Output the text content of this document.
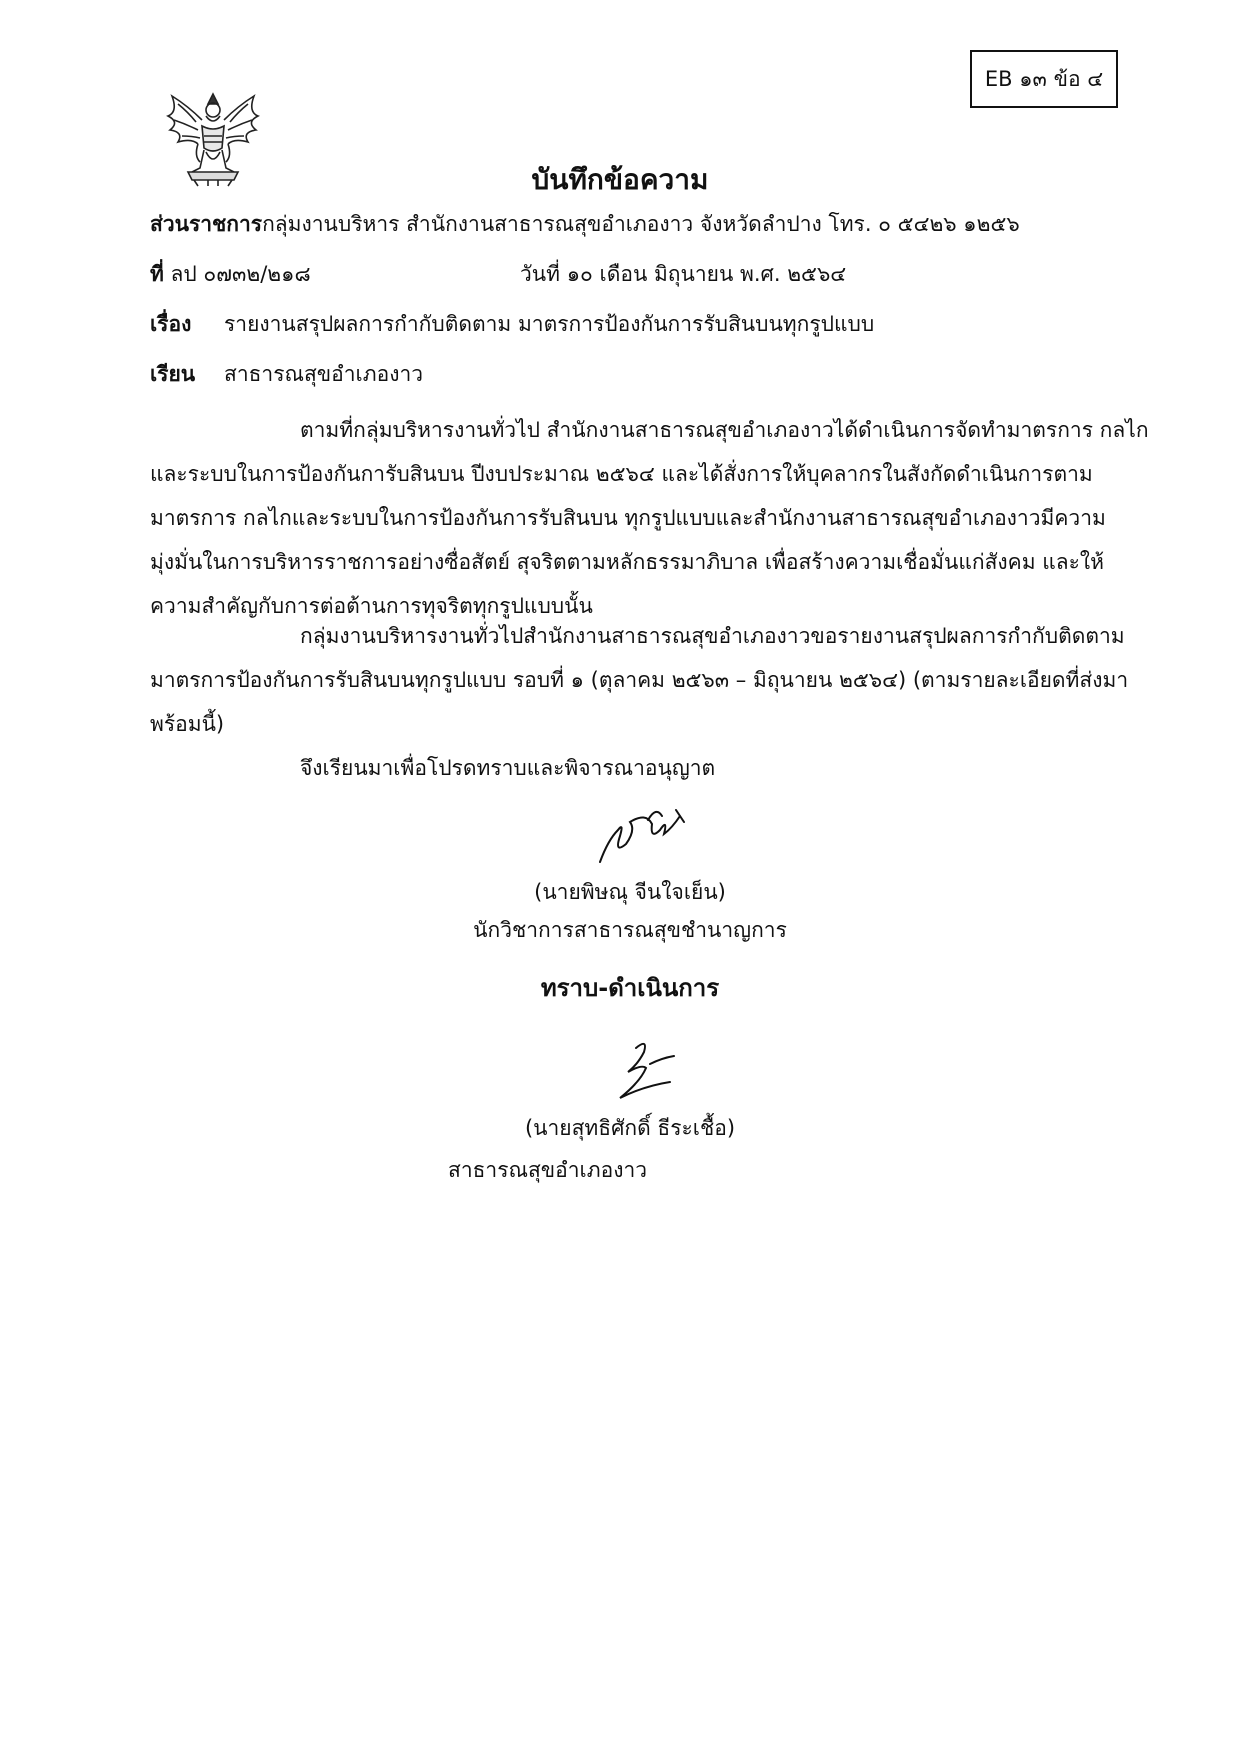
EB ๑๓ ข้อ ๔
บันทึกข้อความ
ส่วนราชการกลุ่มงานบริหาร สำนักงานสาธารณสุขอำเภองาว จังหวัดลำปาง โทร. ๐ ๕๔๒๖ ๑๒๕๖
ที่ ลป ๐๗๓๒/๒๑๘	วันที่ ๑๐ เดือน มิถุนายน พ.ศ. ๒๕๖๔
เรื่อง รายงานสรุปผลการกำกับติดตาม มาตรการป้องกันการรับสินบนทุกรูปแบบ
เรียน สาธารณสุขอำเภองาว
ตามที่กลุ่มบริหารงานทั่วไป สำนักงานสาธารณสุขอำเภองาวได้ดำเนินการจัดทำมาตรการ กลไก
และระบบในการป้องกันการับสินบน ปีงบประมาณ ๒๕๖๔ และได้สั่งการให้บุคลากรในสังกัดดำเนินการตาม
มาตรการ กลไกและระบบในการป้องกันการรับสินบน ทุกรูปแบบและสำนักงานสาธารณสุขอำเภองาวมีความ
มุ่งมั่นในการบริหารราชการอย่างซื่อสัตย์ สุจริตตามหลักธรรมาภิบาล เพื่อสร้างความเชื่อมั่นแก่สังคม และให้
ความสำคัญกับการต่อต้านการทุจริตทุกรูปแบบนั้น
กลุ่มงานบริหารงานทั่วไปสำนักงานสาธารณสุขอำเภองาวขอรายงานสรุปผลการกำกับติดตาม
มาตรการป้องกันการรับสินบนทุกรูปแบบ รอบที่ ๑ (ตุลาคม ๒๕๖๓ – มิถุนายน ๒๕๖๔) (ตามรายละเอียดที่ส่งมา
พร้อมนี้)
จึงเรียนมาเพื่อโปรดทราบและพิจารณาอนุญาต
(นายพิษณุ จีนใจเย็น)
นักวิชาการสาธารณสุขชำนาญการ
ทราบ-ดำเนินการ
(นายสุทธิศักดิ์ ธีระเชื้อ)
สาธารณสุขอำเภองาว
